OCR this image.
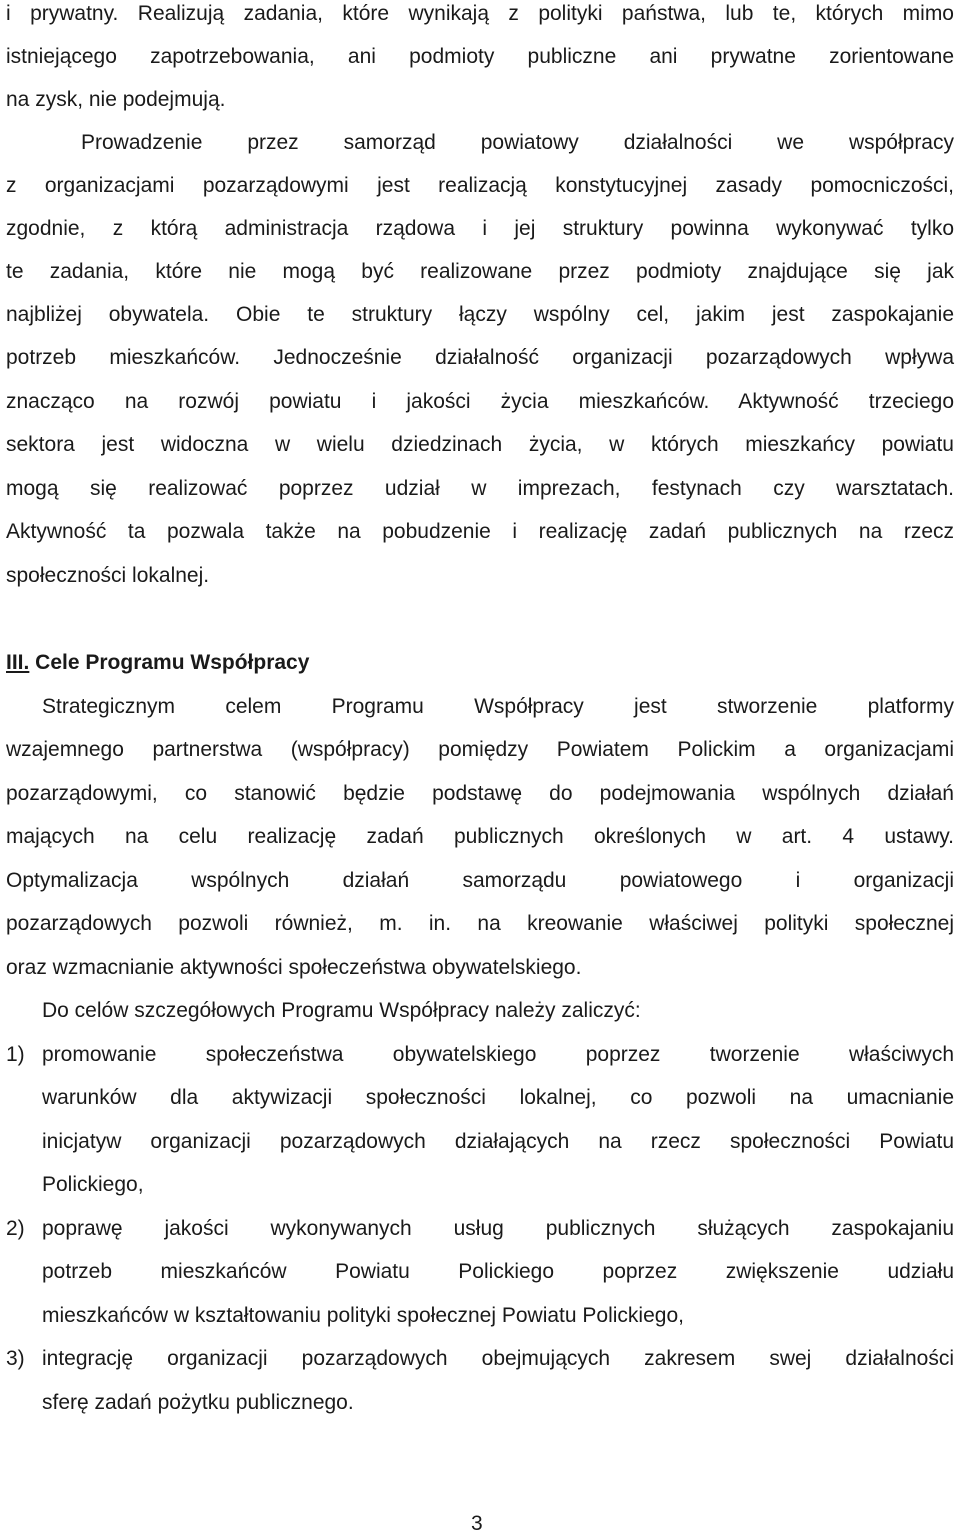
i prywatny. Realizują zadania, które wynikają z polityki państwa, lub te, których mimo
istniejącego zapotrzebowania, ani podmioty publiczne ani prywatne zorientowane
na zysk, nie podejmują.
Prowadzenie przez samorząd powiatowy działalności we współpracy
z organizacjami pozarządowymi jest realizacją konstytucyjnej zasady pomocniczości,
zgodnie, z którą administracja rządowa i jej struktury powinna wykonywać tylko
te zadania, które nie mogą być realizowane przez podmioty znajdujące się jak
najbliżej obywatela. Obie te struktury łączy wspólny cel, jakim jest zaspokajanie
potrzeb mieszkańców. Jednocześnie działalność organizacji pozarządowych wpływa
znacząco na rozwój powiatu i jakości życia mieszkańców. Aktywność trzeciego
sektora jest widoczna w wielu dziedzinach życia, w których mieszkańcy powiatu
mogą się realizować poprzez udział w imprezach, festynach czy warsztatach.
Aktywność ta pozwala także na pobudzenie i realizację zadań publicznych na rzecz
społeczności lokalnej.
III. Cele Programu Współpracy
Strategicznym celem Programu Współpracy jest stworzenie platformy
wzajemnego partnerstwa (współpracy) pomiędzy Powiatem Polickim a organizacjami
pozarządowymi, co stanowić będzie podstawę do podejmowania wspólnych działań
mających na celu realizację zadań publicznych określonych w art. 4 ustawy.
Optymalizacja wspólnych działań samorządu powiatowego i organizacji
pozarządowych pozwoli również, m. in. na kreowanie właściwej polityki społecznej
oraz wzmacnianie aktywności społeczeństwa obywatelskiego.
Do celów szczegółowych Programu Współpracy należy zaliczyć:
1) promowanie społeczeństwa obywatelskiego poprzez tworzenie właściwych
warunków dla aktywizacji społeczności lokalnej, co pozwoli na umacnianie
inicjatyw organizacji pozarządowych działających na rzecz społeczności Powiatu
Polickiego,
2) poprawę jakości wykonywanych usług publicznych służących zaspokajaniu
potrzeb mieszkańców Powiatu Polickiego poprzez zwiększenie udziału
mieszkańców w kształtowaniu polityki społecznej Powiatu Polickiego,
3) integrację organizacji pozarządowych obejmujących zakresem swej działalności
sferę zadań pożytku publicznego.
3
